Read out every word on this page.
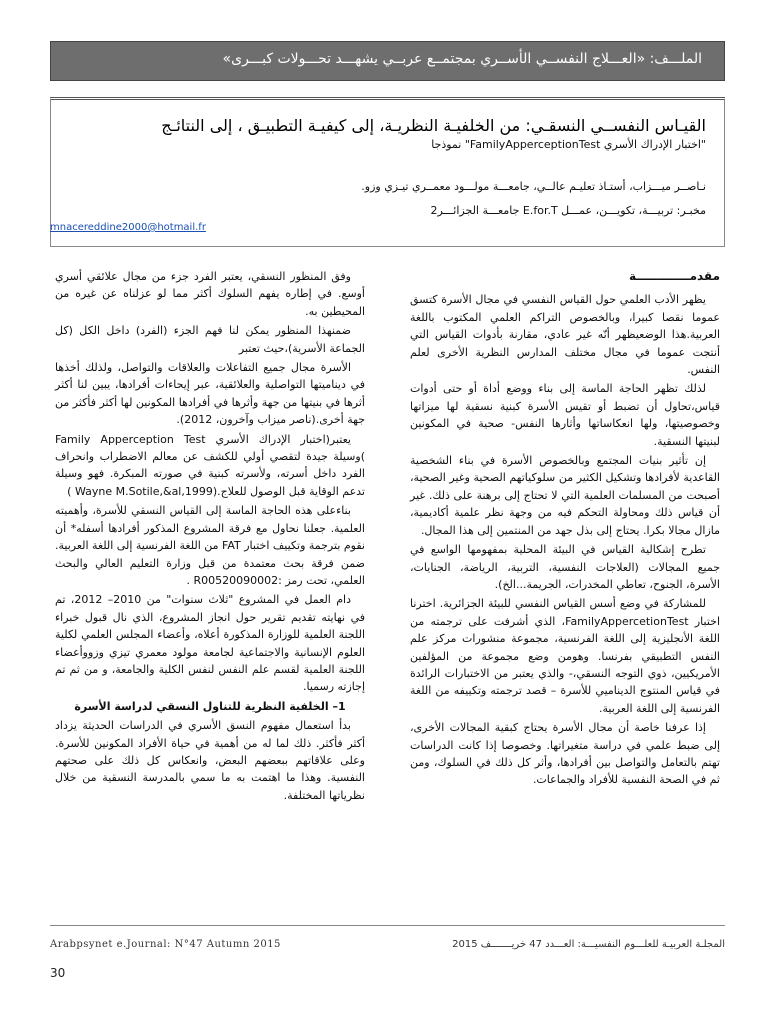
الملـــف: «العـــلاج النفســي الأســري بمجتمــع عربــي يشهـــد تحـــولات كبـــرى»
القيـاس النفســي النسقـي: من الخلفيـة النظريـة، إلى كيفيـة التطبيـق ، إلى النتائـج
"اختبار الإدراك الأسري FamilyApperceptionTest" نموذجا
نـاصــر ميـــزاب، أستـاذ تعليـم عالــي، جامعـــة مولـــود معمــري تيـزي وزو.
مخبـر: تربيـــة، تكويـــن، عمـــل E.for.T جامعـــة الجزائـــر2
mnacereddine2000@hotmail.fr

مقدمـــــــــــــة

يظهر الأدب العلمي حول القياس النفسي في مجال الأسرة كتسق عموما نقصا كبيرا، وبالخصوص التراكم العلمي المكتوب باللغة العربية.هذا الوضعيظهر أنّه غير عادي، مقارنة بأدوات القياس التي أنتجت عموما في مجال مختلف المدارس النظرية الأخرى لعلم النفس.

لذلك تظهر الحاجة الماسة إلى بناء ووضع أداة أو حتى أدوات قياس،تحاول أن تضبط أو تقيس الأسرة كبنية نسقية لها ميزاتها وخصوصيتها، ولها انعكاساتها وأثارها النفس- صحية في المكونين لبنيتها النسقية.

إن تأثير بنيات المجتمع وبالخصوص الأسرة في بناء الشخصية القاعدية لأفرادها وتشكيل الكثير من سلوكياتهم الصحية وغير الصحية، أصبحت من المسلمات العلمية التي لا تحتاج إلى برهنة على ذلك. غير أن قياس ذلك ومحاولة التحكم فيه من وجهة نظر علمية أكاديمية، مازال مجالا بكرا. يحتاج إلى بذل جهد من المنتمين إلى هذا المجال.

تطرح إشكالية القياس في البيئة المحلية بمفهومها الواسع في جميع المجالات (العلاجات النفسية، التربية، الرياضة، الجنايات، الأسرة، الجنوح، تعاطي المخدرات، الجريمة...الخ).

للمشاركة في وضع أسس القياس النفسي للبيئة الجزائرية. اخترنا اختبار FamilyAppercetionTest، الذي أشرفت على ترجمته من اللغة الأنجليزية إلى اللغة الفرنسية، مجموعة منشورات مركز علم النفس التطبيقي بفرنسا. وهومن وضع مجموعة من المؤلفين الأمريكيين، ذوي التوجه النسقي،- والذي يعتبر من الاختبارات الرائدة في قياس المنتوج الديناميي للأسرة – قصد ترجمته وتكييفه من اللغة الفرنسية إلى اللغة العربية.

إذا عرفنا خاصة أن مجال الأسرة يحتاج كبقية المجالات الأخرى، إلى ضبط علمي في دراسة متغيراتها. وخصوصا إذا كانت الدراسات تهتم بالتعامل والتواصل بين أفرادها، وأثر كل ذلك في السلوك، ومن ثم في الصحة النفسية للأفراد والجماعات.

وفق المنظور النسقي، يعتبر الفرد جزء من مجال علائقي أسري أوسع. في إطاره يفهم السلوك أكثر مما لو عزلناه عن غيره من المحيطين به.

ضمنهذا المنظور يمكن لنا فهم الجزء (الفرد) داخل الكل (كل الجماعة الأسرية)،حيث تعتبر

الأسرة مجال جميع التفاعلات والعلاقات والتواصل، ولذلك أخذها في ديناميتها التواصلية والعلائقية، عبر إيحاءات أفرادها، يبين لنا أكثر أثرها في بنيتها من جهة وأثرها في أفرادها المكونين لها أكثر فأكثر من جهة أخرى.(ناصر ميزاب وآخرون، 2012).

يعتبر(اختبار الإدراك الأسري Family Apperception Test )وسيلة جيدة لتقصي أولي للكشف عن معالم الاضطراب وانحراف الفرد داخل أسرته، ولأسرته كبنية في صورته المبكرة. فهو وسيلة تدعم الوقاية قبل الوصول للعلاج.(Wayne M.Sotile,&al,1999 )

بناءعلى هذه الحاجة الماسة إلى القياس النسقي للأسرة، وأهميته العلمية. جعلنا نحاول مع فرقة المشروع المذكور أفرادها أسفله* أن نقوم بترجمة وتكييف اختبار FAT من اللغة الفرنسية إلى اللغة العربية. ضمن فرقة بحث معتمدة من قبل وزارة التعليم العالي والبحث العلمي، تحت رمز :R00520090002 .

دام العمل في المشروع "ثلاث سنوات" من 2010– 2012، تم في نهايته تقديم تقرير حول انجاز المشروع، الذي نال قبول خبراء اللجنة العلمية للوزارة المذكورة أعلاه، وأعضاء المجلس العلمي لكلية العلوم الإنسانية والاجتماعية لجامعة مولود معمري تيزي وزووأعضاء اللجنة العلمية لقسم علم النفس لنفس الكلية والجامعة، و من ثم تم إجازته رسميا.

1– الخلفية النظرية للتناول النسقي لدراسة الأسرة

بدأ استعمال مفهوم النسق الأسري في الدراسات الحديثة يزداد أكثر فأكثر. ذلك لما له من أهمية في حياة الأفراد المكونين للأسرة. وعلى علاقاتهم ببعضهم البعض، وانعكاس كل ذلك على صحتهم النفسية. وهذا ما اهتمت به ما سمي بالمدرسة النسقية من خلال نظرياتها المختلفة.

Arabpsynet e.Journal: N°47 Autumn 2015	المجلـة العربيـة للعلـــوم النفسيـــة: العـــدد 47 خريـــــــف 2015
30
